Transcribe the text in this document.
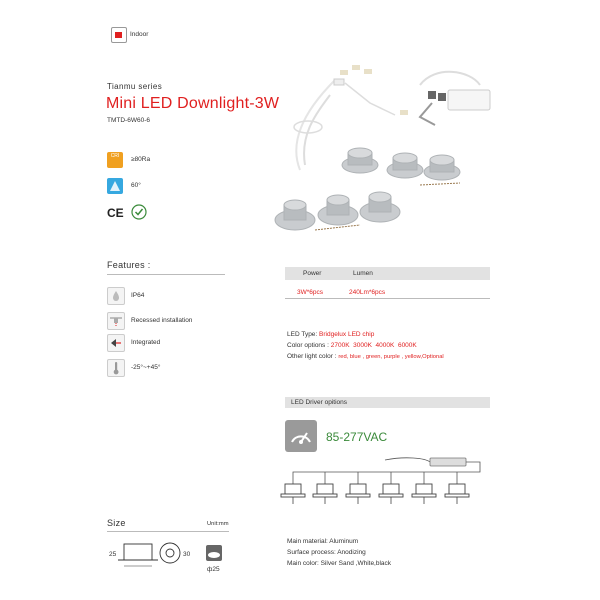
Indoor
Tianmu series
Mini LED Downlight-3W
TMTD-6W60-6
CRI	≥80Ra
60°
CE
Features :
IP64
Recessed installation
Integrated
-25°~+45°
Power	Lumen
3W*6pcs	240Lm*6pcs
LED Type: Bridgelux LED chip
Color options : 2700K  3000K  4000K  6000K
Other light color : red, blue , green, purple , yellow,Optional
LED Driver opitions
85-277VAC
Size	Unit:mm
25	30
ф25
Main material: Aluminum
Surface process: Anodizing
Main color: Silver Sand ,White,black
